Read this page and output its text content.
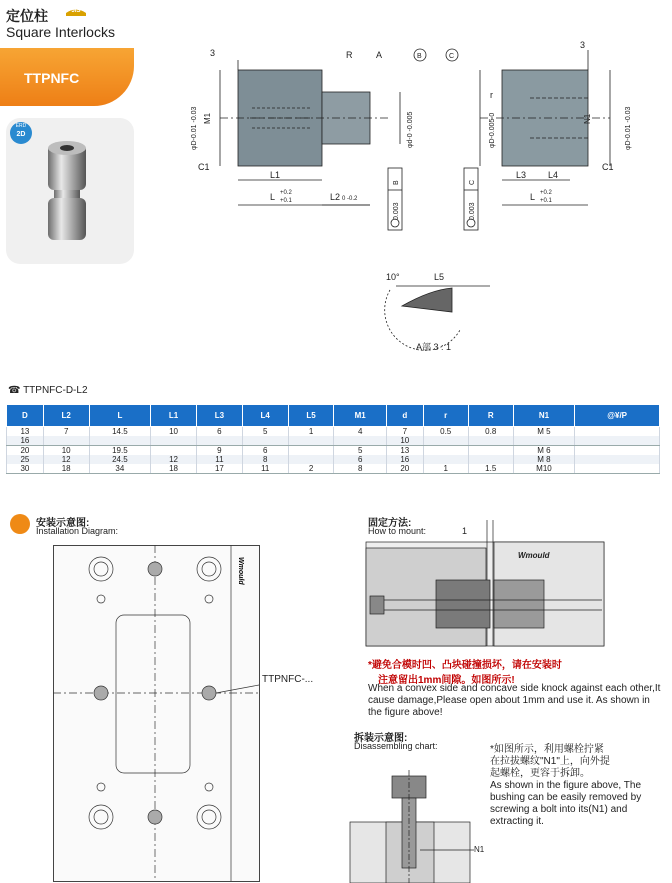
定位柱	JIS
Square Interlocks
TTPNFC
ERD
2D
3
3
R	A	B	C
M1	N1
r
C1	C1
L1
L +0.2
+0.1	L2 0 -0.2
L3 L4
L +0.2
+0.1
φD-0.01 -0.03	φd-0 -0.005	φD-0.005 0	φD-0.01 -0.03
0.003
B
0.003
C
10°	L5
A部 3 : 1
☎ TTPNFC-D-L2
D	L2	L	L1	L3	L4	L5	M1	d	r	R	N1	@¥/P
13	7	14.5	10	6	5	1	4	7	0.5	0.8	M 5	
16								10				
20	10	19.5		9	6		5	13			M 6	
25	12	24.5	12	11	8		6	16			M 8	
30	18	34	18	17	11	2	8	20	1	1.5	M10	
安装示意图:
Installation Diagram:
Wmould
TTPNFC-...
固定方法:
How to mount:	1
Wmould
*避免合模时凹、凸块碰撞损坏，请在安装时
注意留出1mm间隙。如图所示!
When a convex side and concave side knock against each other,It cause damage,Please open about 1mm and use it. As shown in the figure above!
拆装示意图:
Disassembling chart:
N1
*如图所示，利用螺栓拧紧
在拉拔螺纹"N1"上，向外提
起螺栓，更容于拆卸。
As shown in the figure above, The bushing can be easily removed by screwing a bolt into its(N1) and extracting it.
